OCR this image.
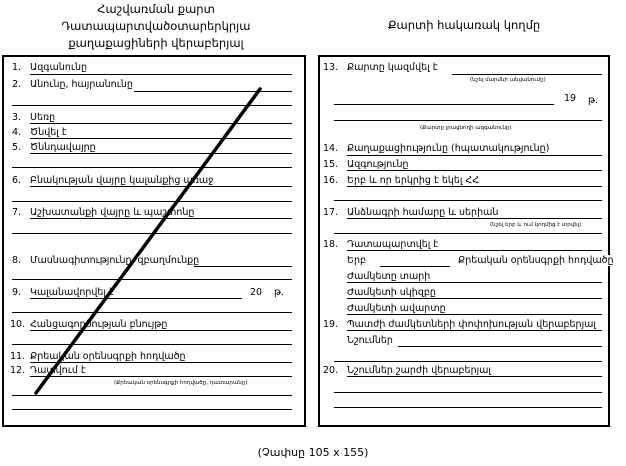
Հաշվառման քարտ
Դատապարտվածօտարերկրյա
քաղաքացիների վերաբերյալ
Քարտի հակառակ կողմը
1. Ազգանունը
2. Անունը, հայրանունը
3. Սեռը
4. Ծնվել է
5. Ծննդավայրը
6. Բնակության վայրը կալանքից առաջ
7. Աշխատանքի վայրը և պաշտոնը
8. Մասնագիտությունը, զբաղմունքը
9. Կալանավորվել է	20 թ.
10. Հանցագործության բնույթը
11. Քրեական օրենսգրքի հոդվածը
12. Դատվում է
(Քրեական օրենսգրքի հոդվածը, դատարանը)
13. Քարտը կազմվել է
(նշել մարմնի անվանումը)
19 թ.
(Քարտը լրացնողի ազգանունը)
14. Քաղաքացիությունը (հպատակությունը)
15. Ազգությունը
16. Երբ և որ երկրից է եկել ՀՀ
17. Անձնագրի համարը և սերիան
(նշել երբ և ում կողմից է տրվել)
18. Դատապարտվել է
Երբ	Քրեական օրենսգրքի հոդվածը
Ժամկետը տարի
Ժամկետի սկիզբը
Ժամկետի ավարտը
19. Պատժի ժամկետների փոփոխության վերաբերյալ
Նշումներ
20. Նշումներ շարժի վերաբերյալ
(Չափսը 105 x 155)
